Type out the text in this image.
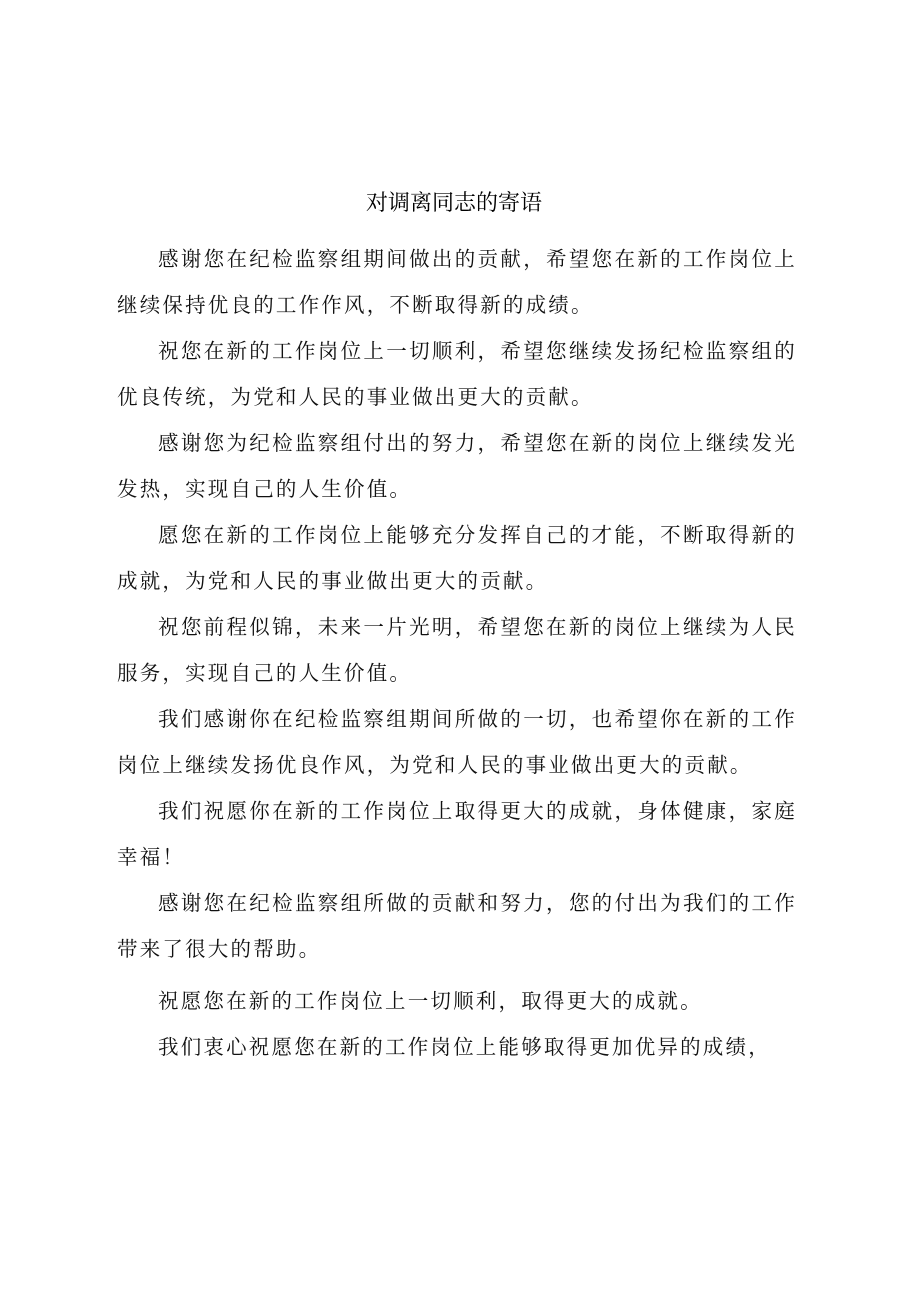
对调离同志的寄语

感谢您在纪检监察组期间做出的贡献，希望您在新的工作岗位上继续保持优良的工作作风，不断取得新的成绩。

祝您在新的工作岗位上一切顺利，希望您继续发扬纪检监察组的优良传统，为党和人民的事业做出更大的贡献。

感谢您为纪检监察组付出的努力，希望您在新的岗位上继续发光发热，实现自己的人生价值。

愿您在新的工作岗位上能够充分发挥自己的才能，不断取得新的成就，为党和人民的事业做出更大的贡献。

祝您前程似锦，未来一片光明，希望您在新的岗位上继续为人民服务，实现自己的人生价值。

我们感谢你在纪检监察组期间所做的一切，也希望你在新的工作岗位上继续发扬优良作风，为党和人民的事业做出更大的贡献。

我们祝愿你在新的工作岗位上取得更大的成就，身体健康，家庭幸福！

感谢您在纪检监察组所做的贡献和努力，您的付出为我们的工作带来了很大的帮助。

祝愿您在新的工作岗位上一切顺利，取得更大的成就。

我们衷心祝愿您在新的工作岗位上能够取得更加优异的成绩，
